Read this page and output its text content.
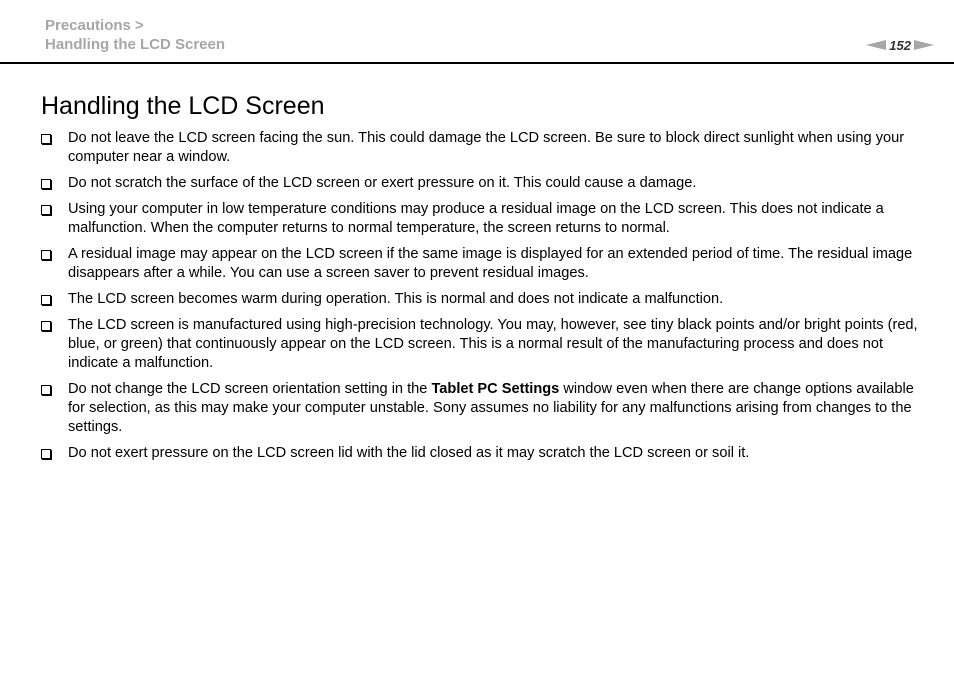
Precautions >
Handling the LCD Screen	152
Handling the LCD Screen
Do not leave the LCD screen facing the sun. This could damage the LCD screen. Be sure to block direct sunlight when using your computer near a window.
Do not scratch the surface of the LCD screen or exert pressure on it. This could cause a damage.
Using your computer in low temperature conditions may produce a residual image on the LCD screen. This does not indicate a malfunction. When the computer returns to normal temperature, the screen returns to normal.
A residual image may appear on the LCD screen if the same image is displayed for an extended period of time. The residual image disappears after a while. You can use a screen saver to prevent residual images.
The LCD screen becomes warm during operation. This is normal and does not indicate a malfunction.
The LCD screen is manufactured using high-precision technology. You may, however, see tiny black points and/or bright points (red, blue, or green) that continuously appear on the LCD screen. This is a normal result of the manufacturing process and does not indicate a malfunction.
Do not change the LCD screen orientation setting in the Tablet PC Settings window even when there are change options available for selection, as this may make your computer unstable. Sony assumes no liability for any malfunctions arising from changes to the settings.
Do not exert pressure on the LCD screen lid with the lid closed as it may scratch the LCD screen or soil it.
